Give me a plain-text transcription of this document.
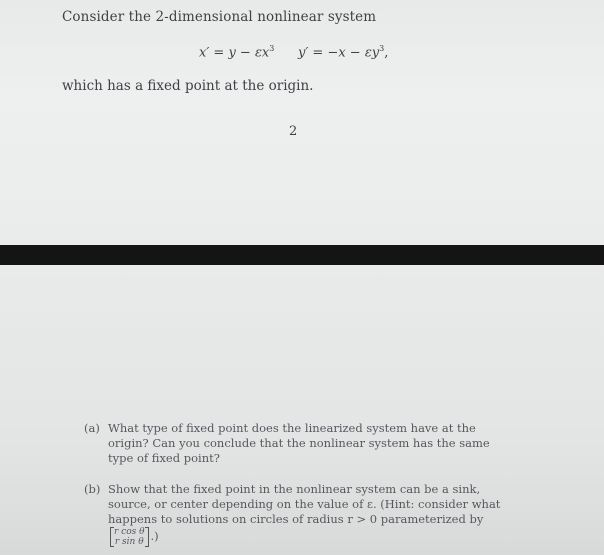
Consider the 2-dimensional nonlinear system
$x' = y - \varepsilon x^3$ $y' = -x - \varepsilon y^3$,
which has a fixed point at the origin.
2
(a) What type of fixed point does the linearized system have at the origin? Can you conclude that the nonlinear system has the same type of fixed point?
(b) Show that the fixed point in the nonlinear system can be a sink, source, or center depending on the value of ε. (Hint: consider what happens to solutions on circles of radius r > 0 parameterized by
r cos θ
r sin θ .)
